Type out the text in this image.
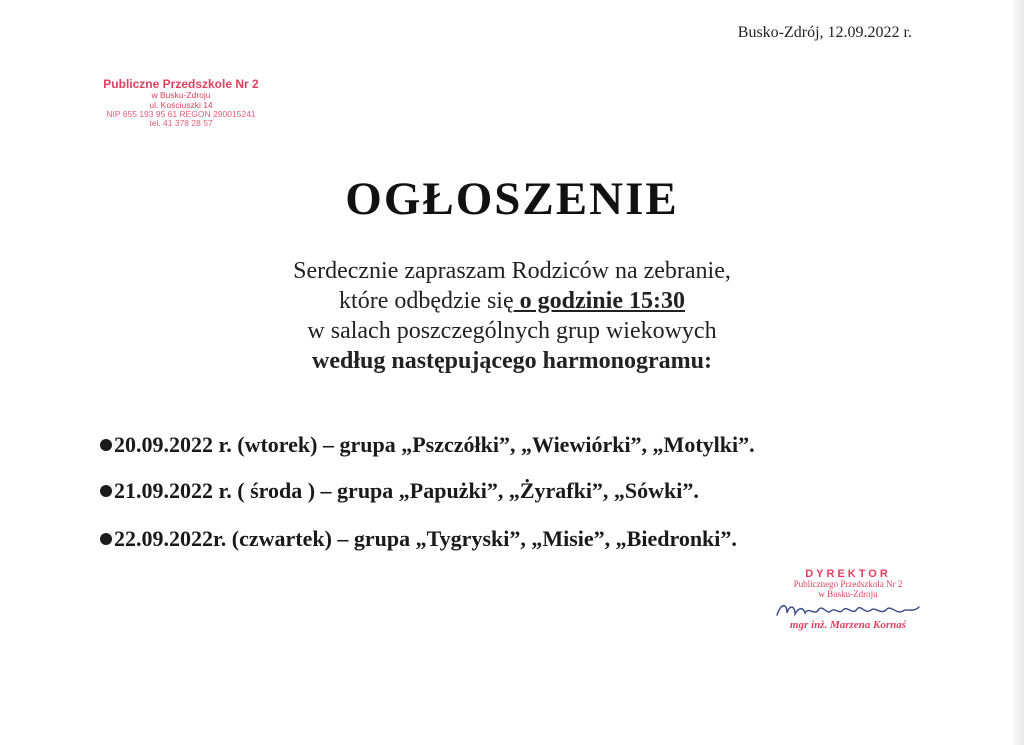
Busko-Zdrój, 12.09.2022 r.
Publiczne Przedszkole Nr 2
w Busku-Zdroju
ul. Kościuszki 14
NIP 655 193 95 61 REGON 290015241
tel. 41 378 28 57
OGŁOSZENIE
Serdecznie zapraszam Rodziców na zebranie,
które odbędzie się o godzinie 15:30
w salach poszczególnych grup wiekowych
według następującego harmonogramu:
20.09.2022 r. (wtorek) – grupa „Pszczółki”, „Wiewiórki”, „Motylki”.
21.09.2022 r. ( środa ) – grupa „Papużki”, „Żyrafki”, „Sówki”.
22.09.2022r. (czwartek) – grupa „Tygryski”, „Misie”, „Biedronki”.
DYREKTOR
Publicznego Przedszkola Nr 2
w Busku-Zdroju
mgr inż. Marzena Kornaś
